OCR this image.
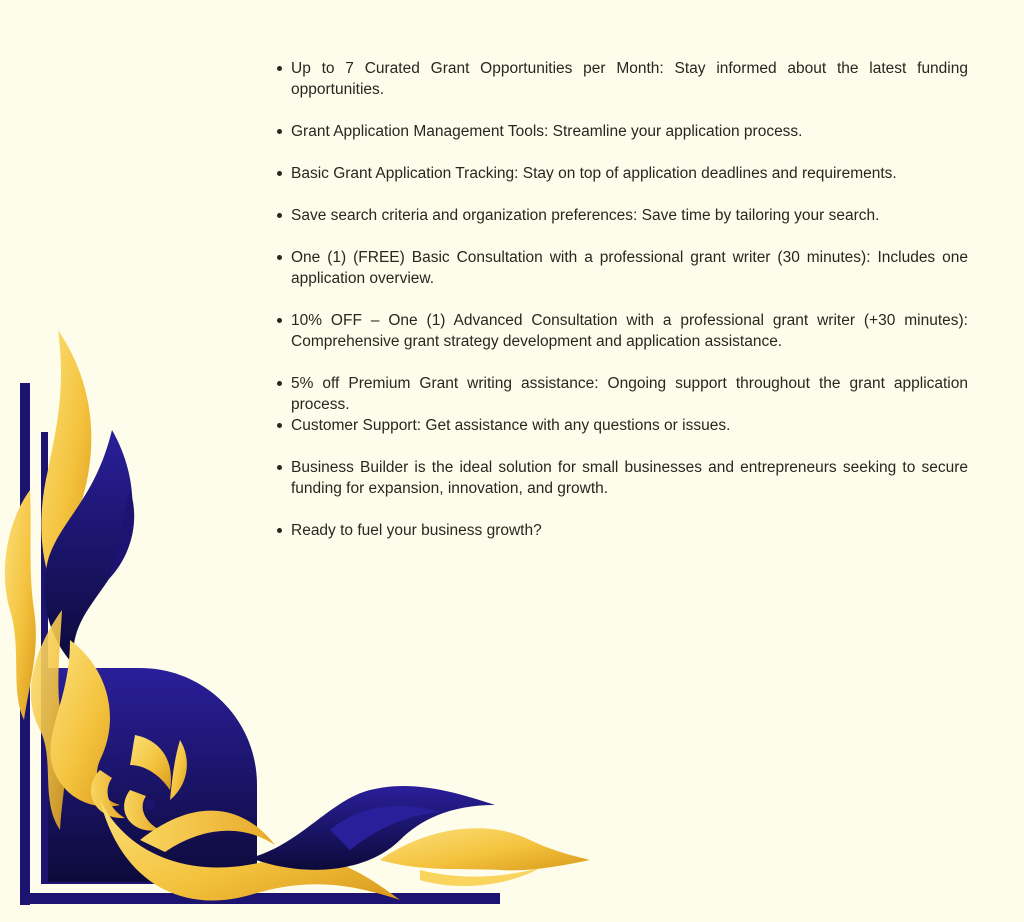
Up to 7 Curated Grant Opportunities per Month: Stay informed about the latest funding opportunities.
Grant Application Management Tools: Streamline your application process.
Basic Grant Application Tracking: Stay on top of application deadlines and requirements.
Save search criteria and organization preferences: Save time by tailoring your search.
One (1) (FREE) Basic Consultation with a professional grant writer (30 minutes): Includes one application overview.
10% OFF – One (1) Advanced Consultation with a professional grant writer (+30 minutes): Comprehensive grant strategy development and application assistance.
5% off Premium Grant writing assistance: Ongoing support throughout the grant application process.
Customer Support: Get assistance with any questions or issues.
Business Builder is the ideal solution for small businesses and entrepreneurs seeking to secure funding for expansion, innovation, and growth.
Ready to fuel your business growth?
